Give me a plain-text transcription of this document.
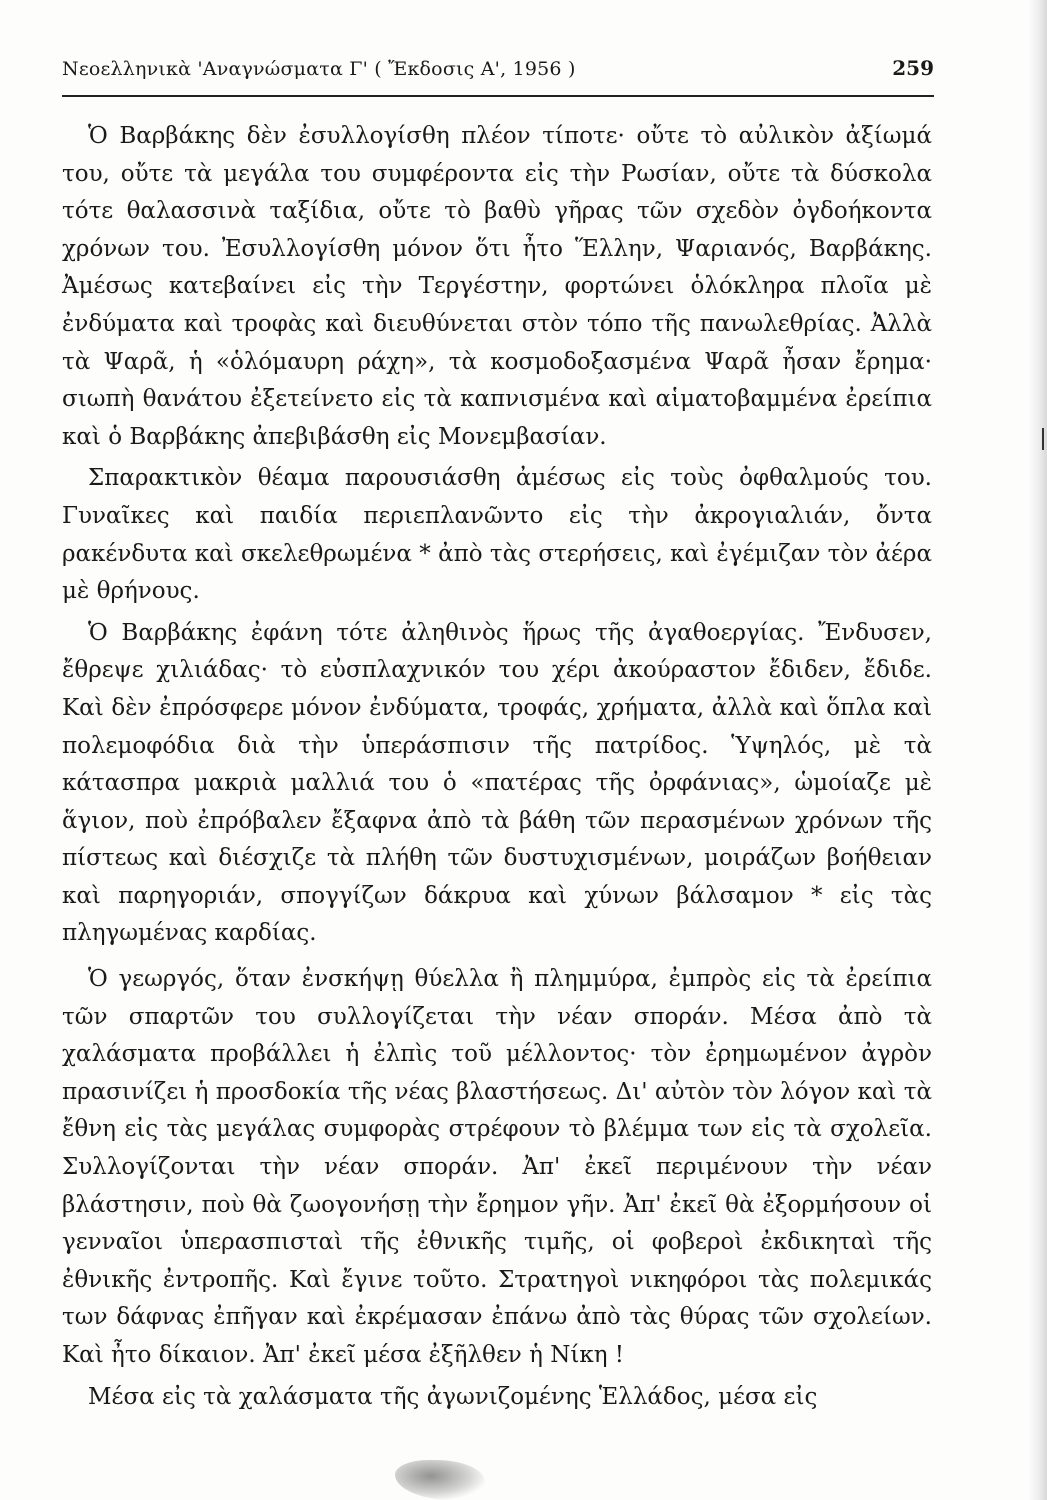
Νεοελληνικὰ 'Αναγνώσματα Γ' ( Ἔκδοσις Α', 1956 )	259

Ὁ Βαρβάκης δὲν ἐσυλλογίσθη πλέον τίποτε· οὔτε τὸ αὐλικὸν ἀξίωμά του, οὔτε τὰ μεγάλα του συμφέροντα εἰς τὴν Ρωσίαν, οὔτε τὰ δύσκολα τότε θαλασσινὰ ταξίδια, οὔτε τὸ βαθὺ γῆρας τῶν σχεδὸν ὀγδοήκοντα χρόνων του. Ἐσυλλογίσθη μόνον ὅτι ἦτο Ἕλλην, Ψαριανός, Βαρβάκης. Ἀμέσως κατεβαίνει εἰς τὴν Τεργέστην, φορτώνει ὁλόκληρα πλοῖα μὲ ἐνδύματα καὶ τροφὰς καὶ διευθύνεται στὸν τόπο τῆς πανωλεθρίας. Ἀλλὰ τὰ Ψαρᾶ, ἡ «ὁλόμαυρη ράχη», τὰ κοσμοδοξασμένα Ψαρᾶ ἦσαν ἔρημα· σιωπὴ θανάτου ἐξετείνετο εἰς τὰ καπνισμένα καὶ αἱματοβαμμένα ἐρείπια καὶ ὁ Βαρβάκης ἀπεβιβάσθη εἰς Μονεμβασίαν.

Σπαρακτικὸν θέαμα παρουσιάσθη ἀμέσως εἰς τοὺς ὀφθαλμούς του. Γυναῖκες καὶ παιδία περιεπλανῶντο εἰς τὴν ἀκρογιαλιάν, ὄντα ρακένδυτα καὶ σκελεθρωμένα * ἀπὸ τὰς στερήσεις, καὶ ἐγέμιζαν τὸν ἀέρα μὲ θρήνους.

Ὁ Βαρβάκης ἐφάνη τότε ἀληθινὸς ἥρως τῆς ἀγαθοεργίας. Ἔνδυσεν, ἔθρεψε χιλιάδας· τὸ εὐσπλαχνικόν του χέρι ἀκούραστον ἔδιδεν, ἔδιδε. Καὶ δὲν ἐπρόσφερε μόνον ἐνδύματα, τροφάς, χρήματα, ἀλλὰ καὶ ὅπλα καὶ πολεμοφόδια διὰ τὴν ὑπεράσπισιν τῆς πατρίδος. Ὑψηλός, μὲ τὰ κάτασπρα μακριὰ μαλλιά του ὁ «πατέρας τῆς ὀρφάνιας», ὡμοίαζε μὲ ἅγιον, ποὺ ἐπρόβαλεν ἔξαφνα ἀπὸ τὰ βάθη τῶν περασμένων χρόνων τῆς πίστεως καὶ διέσχιζε τὰ πλήθη τῶν δυστυχισμένων, μοιράζων βοήθειαν καὶ παρηγοριάν, σπογγίζων δάκρυα καὶ χύνων βάλσαμον * εἰς τὰς πληγωμένας καρδίας.

Ὁ γεωργός, ὅταν ἐνσκήψῃ θύελλα ἢ πλημμύρα, ἐμπρὸς εἰς τὰ ἐρείπια τῶν σπαρτῶν του συλλογίζεται τὴν νέαν σποράν. Μέσα ἀπὸ τὰ χαλάσματα προβάλλει ἡ ἐλπὶς τοῦ μέλλοντος· τὸν ἐρημωμένον ἀγρὸν πρασινίζει ἡ προσδοκία τῆς νέας βλαστήσεως. Δι' αὐτὸν τὸν λόγον καὶ τὰ ἔθνη εἰς τὰς μεγάλας συμφορὰς στρέφουν τὸ βλέμμα των εἰς τὰ σχολεῖα. Συλλογίζονται τὴν νέαν σποράν. Ἀπ' ἐκεῖ περιμένουν τὴν νέαν βλάστησιν, ποὺ θὰ ζωογονήσῃ τὴν ἔρημον γῆν. Ἀπ' ἐκεῖ θὰ ἐξορμήσουν οἱ γενναῖοι ὑπερασπισταὶ τῆς ἐθνικῆς τιμῆς, οἱ φοβεροὶ ἐκδικηταὶ τῆς ἐθνικῆς ἐντροπῆς. Καὶ ἔγινε τοῦτο. Στρατηγοὶ νικηφόροι τὰς πολεμικάς των δάφνας ἐπῆγαν καὶ ἐκρέμασαν ἐπάνω ἀπὸ τὰς θύρας τῶν σχολείων. Καὶ ἦτο δίκαιον. Ἀπ' ἐκεῖ μέσα ἐξῆλθεν ἡ Νίκη !

Μέσα εἰς τὰ χαλάσματα τῆς ἀγωνιζομένης Ἑλλάδος, μέσα εἰς
